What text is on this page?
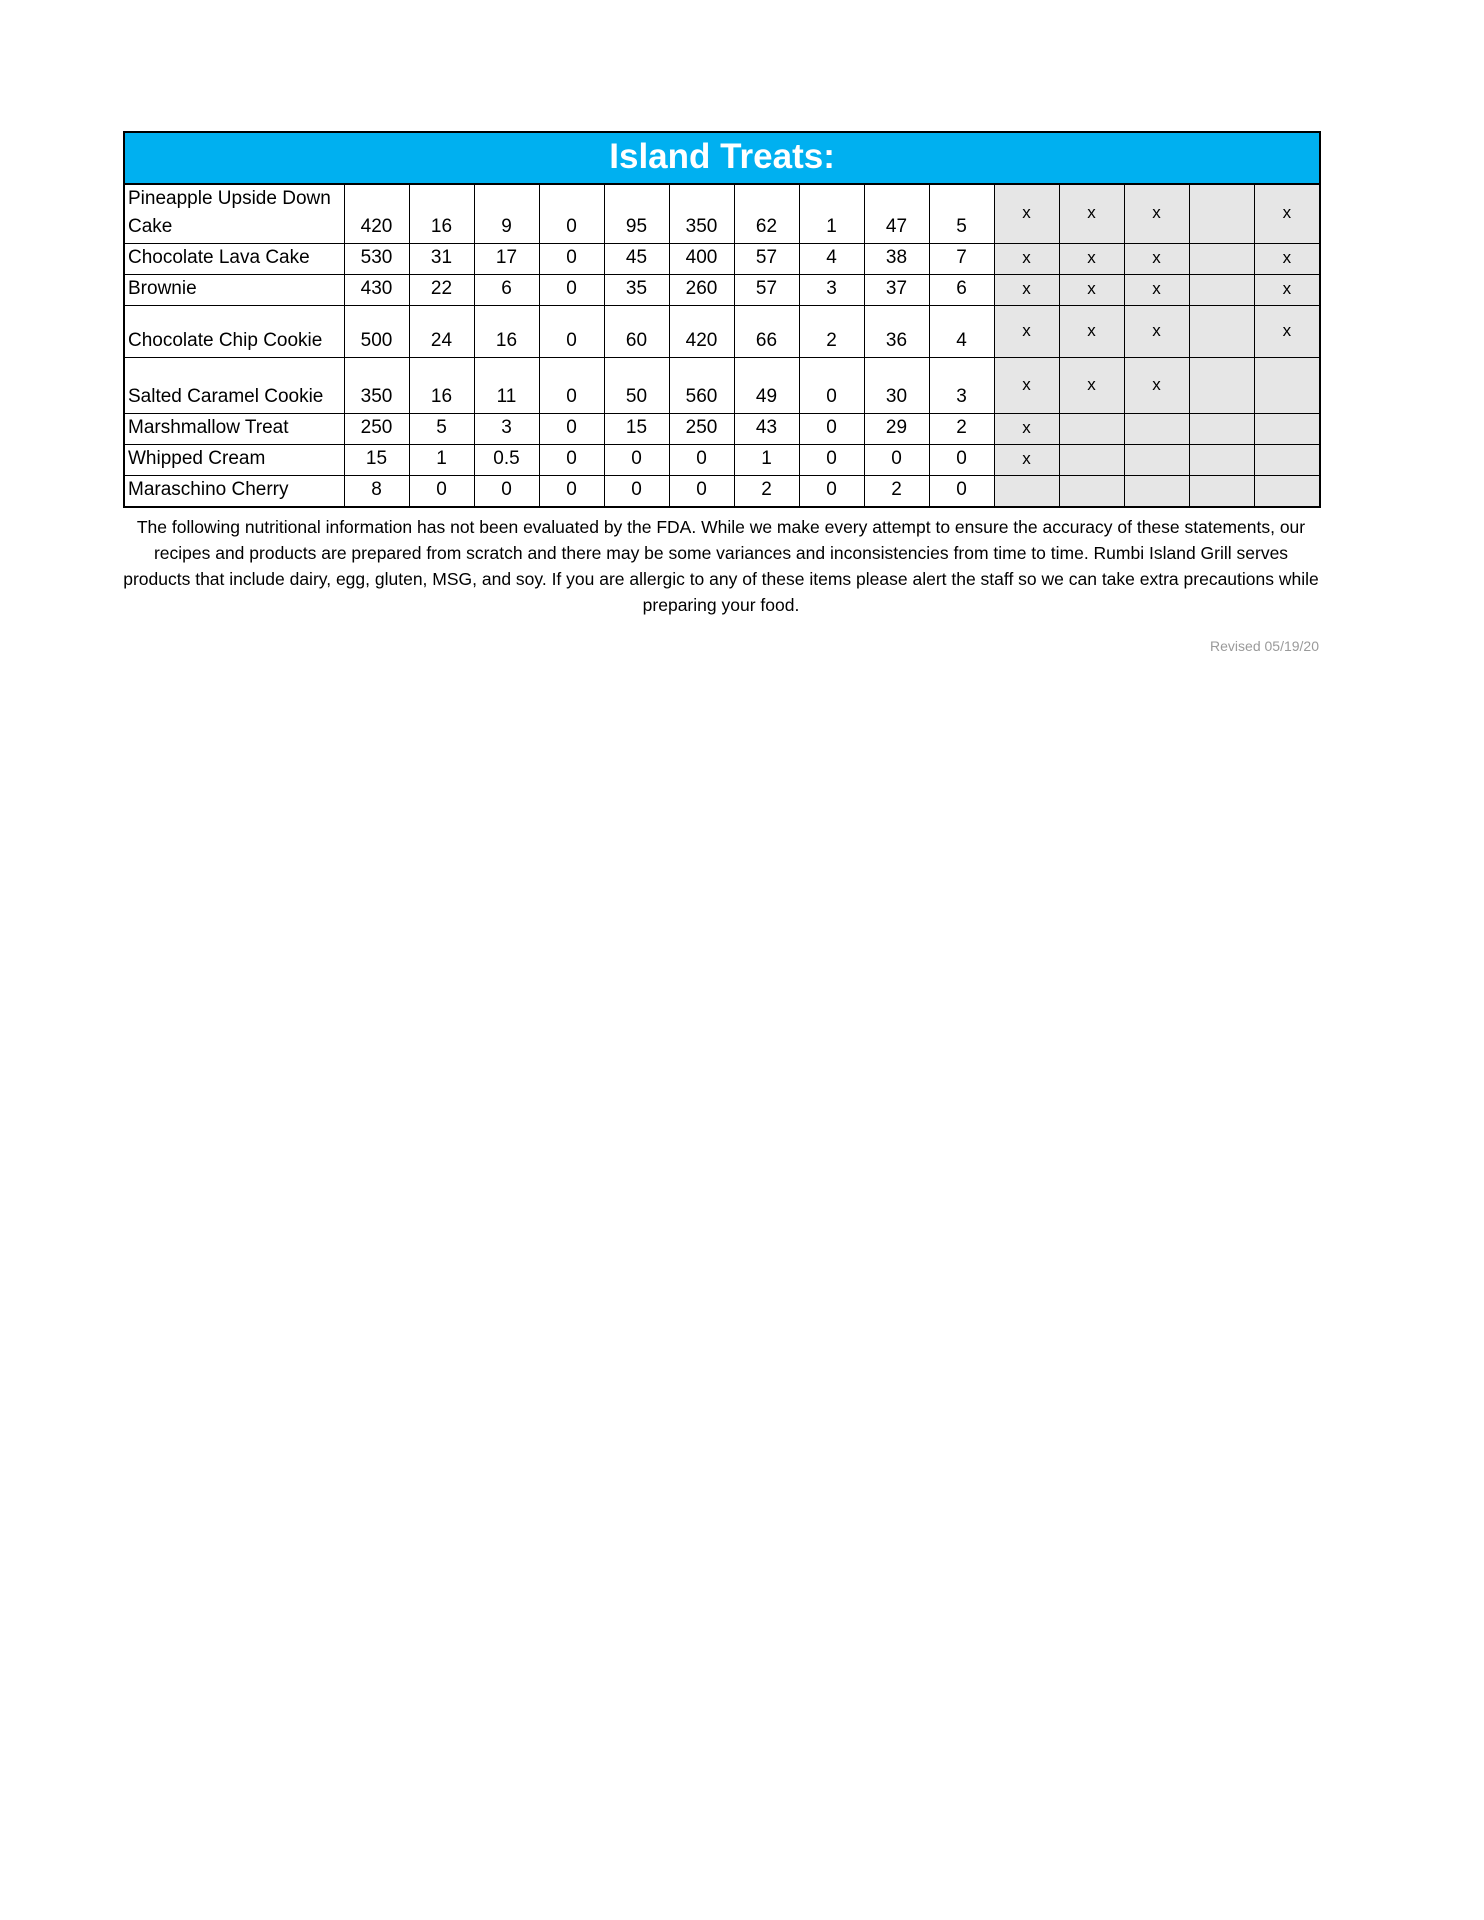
Island Treats:															
Pineapple Upside Down Cake	420	16	9	0	95	350	62	1	47	5	x	x	x		x
Chocolate Lava Cake	530	31	17	0	45	400	57	4	38	7	x	x	x		x
Brownie	430	22	6	0	35	260	57	3	37	6	x	x	x		x
Chocolate Chip Cookie	500	24	16	0	60	420	66	2	36	4	x	x	x		x
Salted Caramel Cookie	350	16	11	0	50	560	49	0	30	3	x	x	x		
Marshmallow Treat	250	5	3	0	15	250	43	0	29	2	x				
Whipped Cream	15	1	0.5	0	0	0	1	0	0	0	x				
Maraschino Cherry	8	0	0	0	0	0	2	0	2	0					
The following nutritional information has not been evaluated by the FDA. While we make every attempt to ensure the accuracy of these statements, our recipes and products are prepared from scratch and there may be some variances and inconsistencies from time to time. Rumbi Island Grill serves products that include dairy, egg, gluten, MSG, and soy. If you are allergic to any of these items please alert the staff so we can take extra precautions while preparing your food.
Revised 05/19/20
